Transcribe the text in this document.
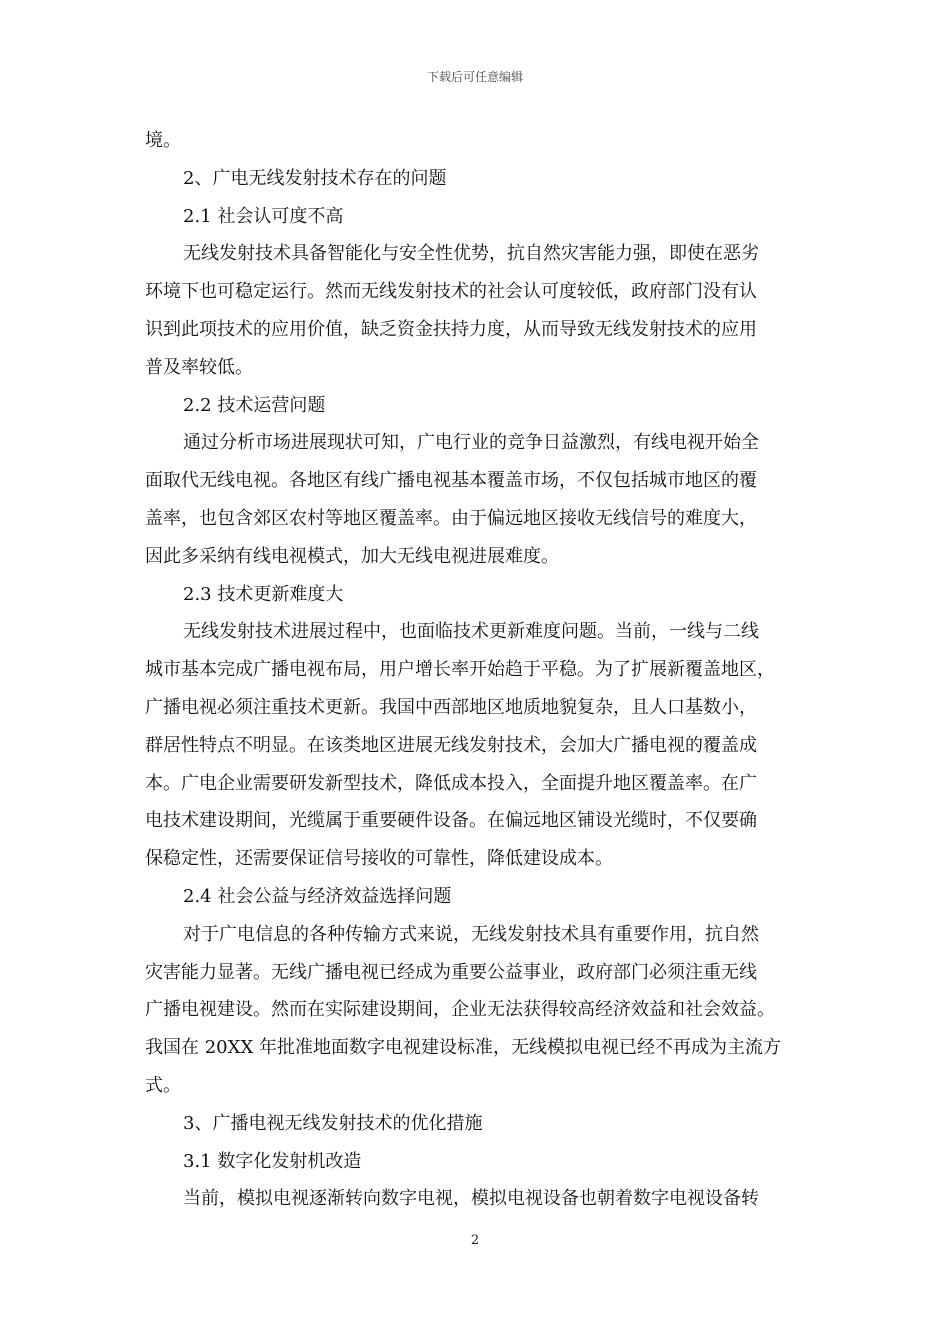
下载后可任意编辑
境。
2、广电无线发射技术存在的问题
2.1 社会认可度不高
无线发射技术具备智能化与安全性优势，抗自然灾害能力强，即使在恶劣
环境下也可稳定运行。然而无线发射技术的社会认可度较低，政府部门没有认
识到此项技术的应用价值，缺乏资金扶持力度，从而导致无线发射技术的应用
普及率较低。
2.2 技术运营问题
通过分析市场进展现状可知，广电行业的竞争日益激烈，有线电视开始全
面取代无线电视。各地区有线广播电视基本覆盖市场，不仅包括城市地区的覆
盖率，也包含郊区农村等地区覆盖率。由于偏远地区接收无线信号的难度大，
因此多采纳有线电视模式，加大无线电视进展难度。
2.3 技术更新难度大
无线发射技术进展过程中，也面临技术更新难度问题。当前，一线与二线
城市基本完成广播电视布局，用户增长率开始趋于平稳。为了扩展新覆盖地区，
广播电视必须注重技术更新。我国中西部地区地质地貌复杂，且人口基数小，
群居性特点不明显。在该类地区进展无线发射技术，会加大广播电视的覆盖成
本。广电企业需要研发新型技术，降低成本投入，全面提升地区覆盖率。在广
电技术建设期间，光缆属于重要硬件设备。在偏远地区铺设光缆时，不仅要确
保稳定性，还需要保证信号接收的可靠性，降低建设成本。
2.4 社会公益与经济效益选择问题
对于广电信息的各种传输方式来说，无线发射技术具有重要作用，抗自然
灾害能力显著。无线广播电视已经成为重要公益事业，政府部门必须注重无线
广播电视建设。然而在实际建设期间，企业无法获得较高经济效益和社会效益。
我国在 20XX 年批准地面数字电视建设标准，无线模拟电视已经不再成为主流方
式。
3、广播电视无线发射技术的优化措施
3.1 数字化发射机改造
当前，模拟电视逐渐转向数字电视，模拟电视设备也朝着数字电视设备转
2
